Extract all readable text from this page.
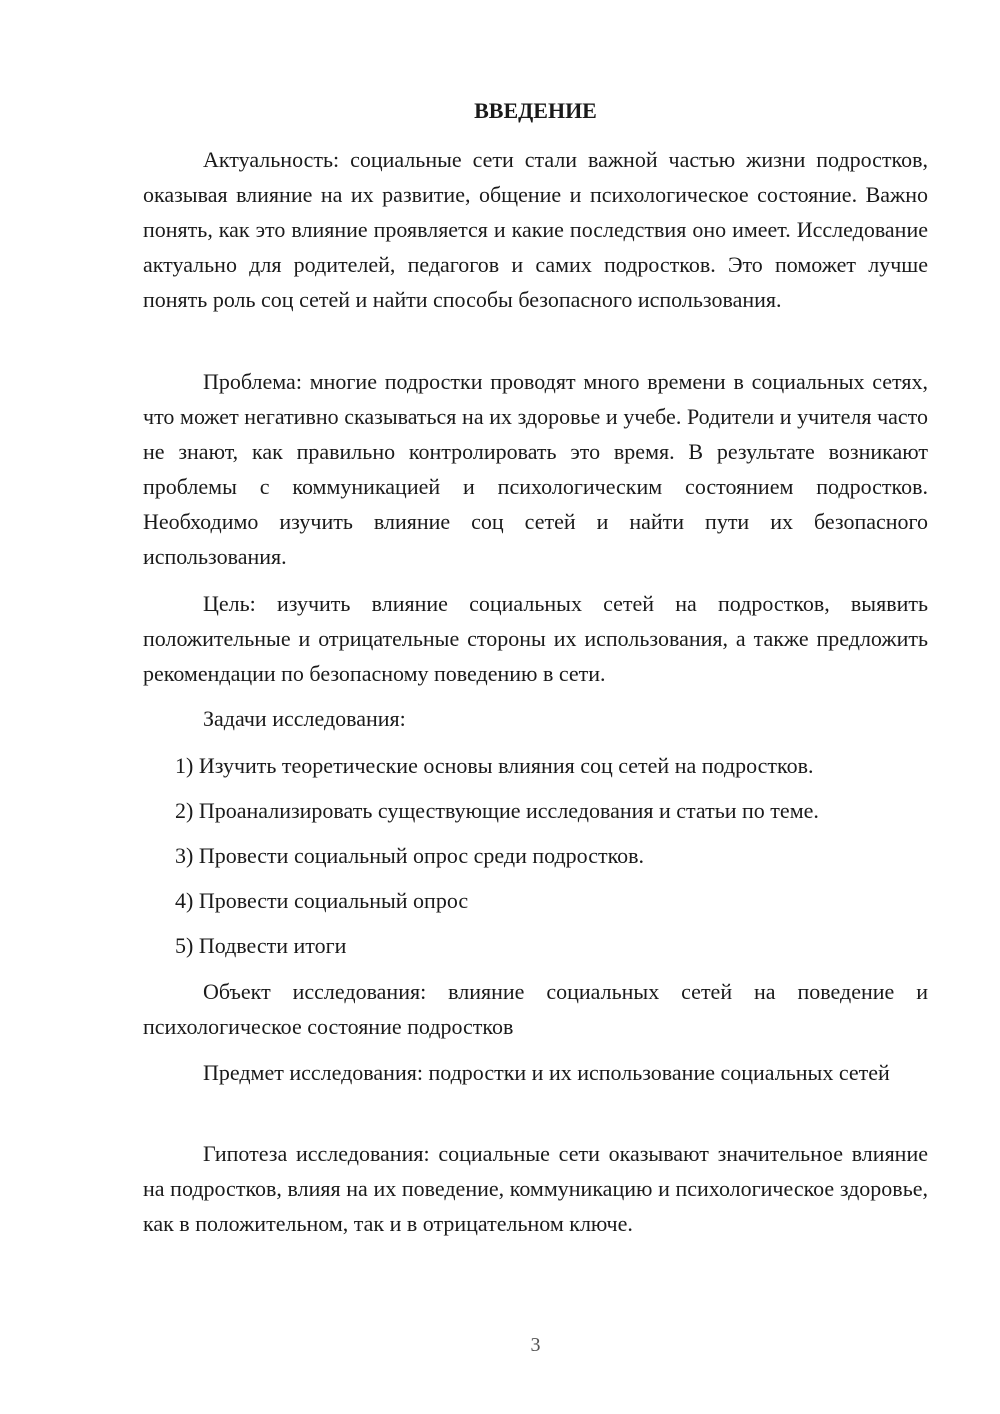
ВВЕДЕНИЕ

Актуальность: социальные сети стали важной частью жизни подростков, оказывая влияние на их развитие, общение и психологическое состояние. Важно понять, как это влияние проявляется и какие последствия оно имеет. Исследование актуально для родителей, педагогов и самих подростков. Это поможет лучше понять роль соц сетей и найти способы безопасного использования.

Проблема: многие подростки проводят много времени в социальных сетях, что может негативно сказываться на их здоровье и учебе. Родители и учителя часто не знают, как правильно контролировать это время. В результате возникают проблемы с коммуникацией и психологическим состоянием подростков. Необходимо изучить влияние соц сетей и найти пути их безопасного использования.

Цель: изучить влияние социальных сетей на подростков, выявить положительные и отрицательные стороны их использования, а также предложить рекомендации по безопасному поведению в сети.

Задачи исследования:

1) Изучить теоретические основы влияния соц сетей на подростков.

2) Проанализировать существующие исследования и статьи по теме.

3) Провести социальный опрос среди подростков.

4) Провести социальный опрос

5) Подвести итоги

Объект исследования: влияние социальных сетей на поведение и психологическое состояние подростков

Предмет исследования: подростки и их использование социальных сетей

Гипотеза исследования: социальные сети оказывают значительное влияние на подростков, влияя на их поведение, коммуникацию и психологическое здоровье, как в положительном, так и в отрицательном ключе.

3
